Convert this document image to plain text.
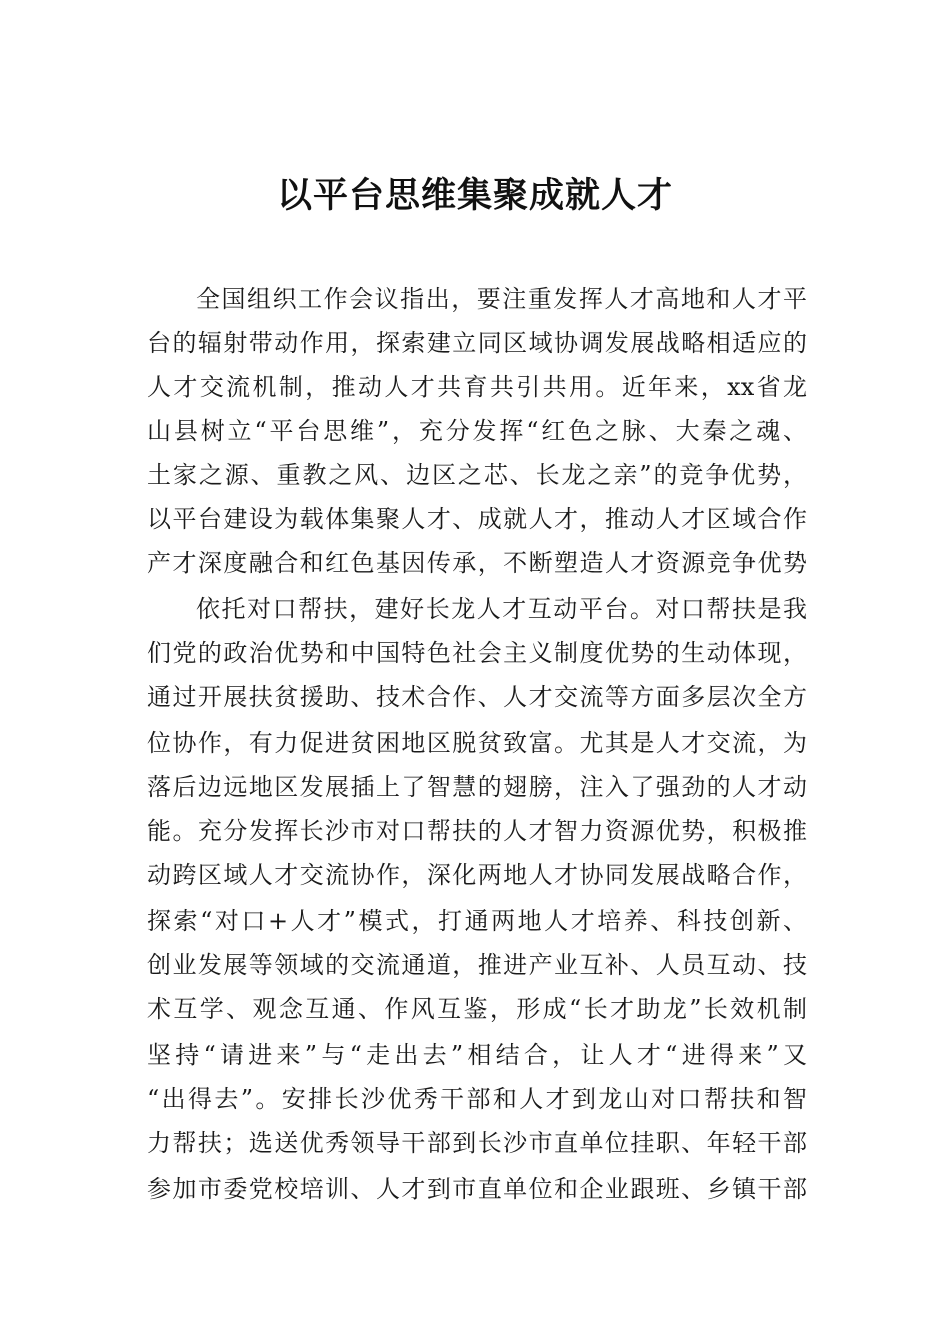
以平台思维集聚成就人才
全国组织工作会议指出，要注重发挥人才高地和人才平
台的辐射带动作用，探索建立同区域协调发展战略相适应的
人才交流机制，推动人才共育共引共用。近年来，xx省龙
山县树立“平台思维”，充分发挥“红色之脉、大秦之魂、
土家之源、重教之风、边区之芯、长龙之亲”的竞争优势，
以平台建设为载体集聚人才、成就人才，推动人才区域合作
产才深度融合和红色基因传承，不断塑造人才资源竞争优势
依托对口帮扶，建好长龙人才互动平台。对口帮扶是我
们党的政治优势和中国特色社会主义制度优势的生动体现，
通过开展扶贫援助、技术合作、人才交流等方面多层次全方
位协作，有力促进贫困地区脱贫致富。尤其是人才交流，为
落后边远地区发展插上了智慧的翅膀，注入了强劲的人才动
能。充分发挥长沙市对口帮扶的人才智力资源优势，积极推
动跨区域人才交流协作，深化两地人才协同发展战略合作，
探索“对口+人才”模式，打通两地人才培养、科技创新、
创业发展等领域的交流通道，推进产业互补、人员互动、技
术互学、观念互通、作风互鉴，形成“长才助龙”长效机制
坚持“请进来”与“走出去”相结合，让人才“进得来”又
“出得去”。安排长沙优秀干部和人才到龙山对口帮扶和智
力帮扶；选送优秀领导干部到长沙市直单位挂职、年轻干部
参加市委党校培训、人才到市直单位和企业跟班、乡镇干部
